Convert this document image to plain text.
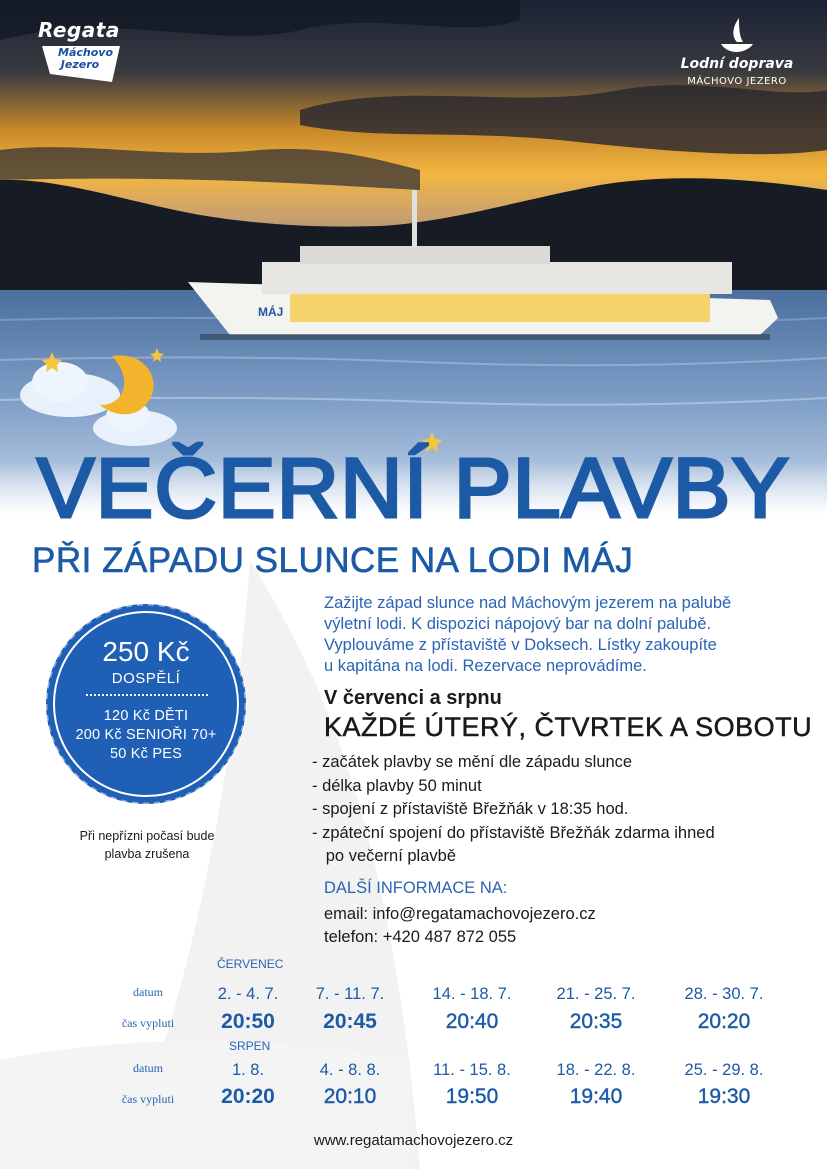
MÁJ
Regata
Máchovo
Jezero	Lodní doprava
MÁCHOVO JEZERO
VEČERNÍ PLAVBY
PŘI ZÁPADU SLUNCE NA LODI MÁJ
Zažijte západ slunce nad Máchovým jezerem na palubě
výletní lodi. K dispozici nápojový bar na dolní palubě.
Vyplouváme z přístaviště v Doksech. Lístky zakoupíte
u kapitána na lodi. Rezervace neprovádíme.
V červenci a srpnu
KAŽDÉ ÚTERÝ, ČTVRTEK A SOBOTU
- začátek plavby se mění dle západu slunce
- délka plavby 50 minut
- spojení z přístaviště Břežňák v 18:35 hod.
- zpáteční spojení do přístaviště Břežňák zdarma ihned
po večerní plavbě
DALŠÍ INFORMACE NA:
email: info@regatamachovojezero.cz
telefon: +420 487 872 055
250 Kč
DOSPĚLÍ
120 Kč DĚTI
200 Kč SENIOŘI 70+
50 Kč PES
Při nepřízni počasí bude
plavba zrušena
ČERVENEC
datum
čas vypluti
2. - 4. 7.
20:50
7. - 11. 7.
20:45
14. - 18. 7.
20:40
21. - 25. 7.
20:35
28. - 30. 7.
20:20
SRPEN
datum
čas vypluti
1. 8.
20:20
4. - 8. 8.
20:10
11. - 15. 8.
19:50
18. - 22. 8.
19:40
25. - 29. 8.
19:30
www.regatamachovojezero.cz
